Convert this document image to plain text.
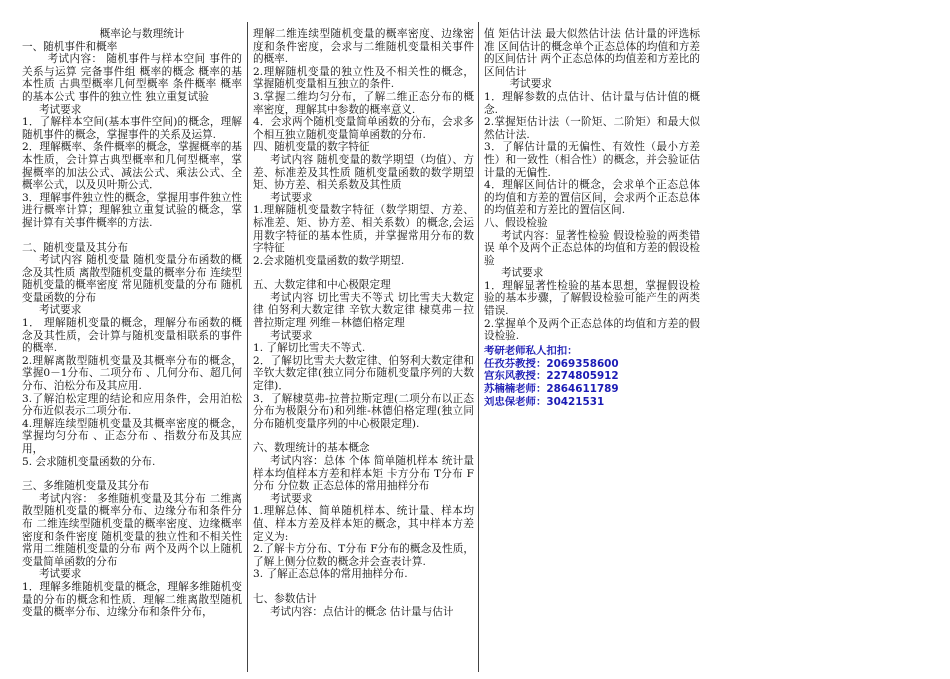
概率论与数理统计

一、随机事件和概率

考试内容： 随机事件与样本空间 事件的关系与运算 完备事件组 概率的概念 概率的基本性质 古典型概率几何型概率 条件概率 概率的基本公式 事件的独立性 独立重复试验

考试要求

1．了解样本空间(基本事件空间)的概念，理解随机事件的概念，掌握事件的关系及运算.

2．理解概率、条件概率的概念，掌握概率的基本性质，会计算古典型概率和几何型概率，掌握概率的加法公式、减法公式、乘法公式、全概率公式，以及贝叶斯公式．

3．理解事件独立性的概念，掌握用事件独立性进行概率计算；理解独立重复试验的概念，掌握计算有关事件概率的方法.

二、随机变量及其分布

考试内容 随机变量 随机变量分布函数的概念及其性质 离散型随机变量的概率分布 连续型随机变量的概率密度 常见随机变量的分布 随机变量函数的分布

考试要求

1． 理解随机变量的概念，理解分布函数的概念及其性质，会计算与随机变量相联系的事件的概率.

2.理解离散型随机变量及其概率分布的概念，掌握0－1分布、二项分布 、几何分布、超几何分布、泊松分布及其应用.

3.了解泊松定理的结论和应用条件，会用泊松分布近似表示二项分布.

4.理解连续型随机变量及其概率密度的概念，掌握均匀分布 、正态分布 、指数分布及其应用，

5. 会求随机变量函数的分布.

三、多维随机变量及其分布

考试内容： 多维随机变量及其分布 二维离散型随机变量的概率分布、边缘分布和条件分布 二维连续型随机变量的概率密度、边缘概率密度和条件密度 随机变量的独立性和不相关性 常用二维随机变量的分布 两个及两个以上随机变量简单函数的分布

考试要求

1．理解多维随机变量的概念，理解多维随机变量的分布的概念和性质．理解二维离散型随机变量的概率分布、边缘分布和条件分布，

理解二维连续型随机变量的概率密度、边缘密度和条件密度，会求与二维随机变量相关事件的概率.

2.理解随机变量的独立性及不相关性的概念，掌握随机变量相互独立的条件.

3.掌握二维均匀分布，了解二维正态分布的概率密度，理解其中参数的概率意义.

4．会求两个随机变量简单函数的分布，会求多个相互独立随机变量简单函数的分布.

四、随机变量的数字特征

考试内容 随机变量的数学期望（均值）、方差、标准差及其性质 随机变量函数的数学期望 矩、协方差、相关系数及其性质

考试要求

1.理解随机变量数字特征（数学期望、方差、标准差、矩、协方差、相关系数）的概念,会运用数字特征的基本性质，并掌握常用分布的数字特征

2.会求随机变量函数的数学期望.

五、大数定律和中心极限定理

考试内容 切比雪夫不等式 切比雪夫大数定律 伯努利大数定律 辛钦大数定律 棣莫弗－拉普拉斯定理 列维－林德伯格定理

考试要求

1. 了解切比雪夫不等式.

2．了解切比雪夫大数定律、伯努利大数定律和辛钦大数定律(独立同分布随机变量序列的大数定律)．

3．了解棣莫弗-拉普拉斯定理(二项分布以正态分布为极限分布)和列维-林德伯格定理(独立同分布随机变量序列的中心极限定理).

六、数理统计的基本概念

考试内容：总体 个体 简单随机样本 统计量 样本均值样本方差和样本矩 卡方分布 T分布 F分布 分位数 正态总体的常用抽样分布

考试要求

1.理解总体、简单随机样本、统计量、样本均值、样本方差及样本矩的概念，其中样本方差定义为:

2.了解卡方分布、T分布 F分布的概念及性质，了解上侧分位数的概念并会查表计算.

3. 了解正态总体的常用抽样分布.

七、参数估计

考试内容：点估计的概念 估计量与估计

值 矩估计法 最大似然估计法 估计量的评选标准 区间估计的概念单个正态总体的均值和方差的区间估计 两个正态总体的均值差和方差比的区间估计

考试要求

1．理解参数的点估计、估计量与估计值的概念.

2.掌握矩估计法（一阶矩、二阶矩）和最大似然估计法.

3．了解估计量的无偏性、有效性（最小方差性）和一致性（相合性）的概念，并会验证估计量的无偏性.

4．理解区间估计的概念，会求单个正态总体的均值和方差的置信区间，会求两个正态总体的均值差和方差比的置信区间.

八、假设检验

考试内容：显著性检验 假设检验的两类错误 单个及两个正态总体的均值和方差的假设检验

考试要求

1．理解显著性检验的基本思想，掌握假设检验的基本步骤，了解假设检验可能产生的两类错误.

2.掌握单个及两个正态总体的均值和方差的假设检验.

考研老师私人扣扣：

任孜芬教授：2069358600

宫东风教授：2274805912

苏楠楠老师：2864611789

刘忠保老师：30421531
